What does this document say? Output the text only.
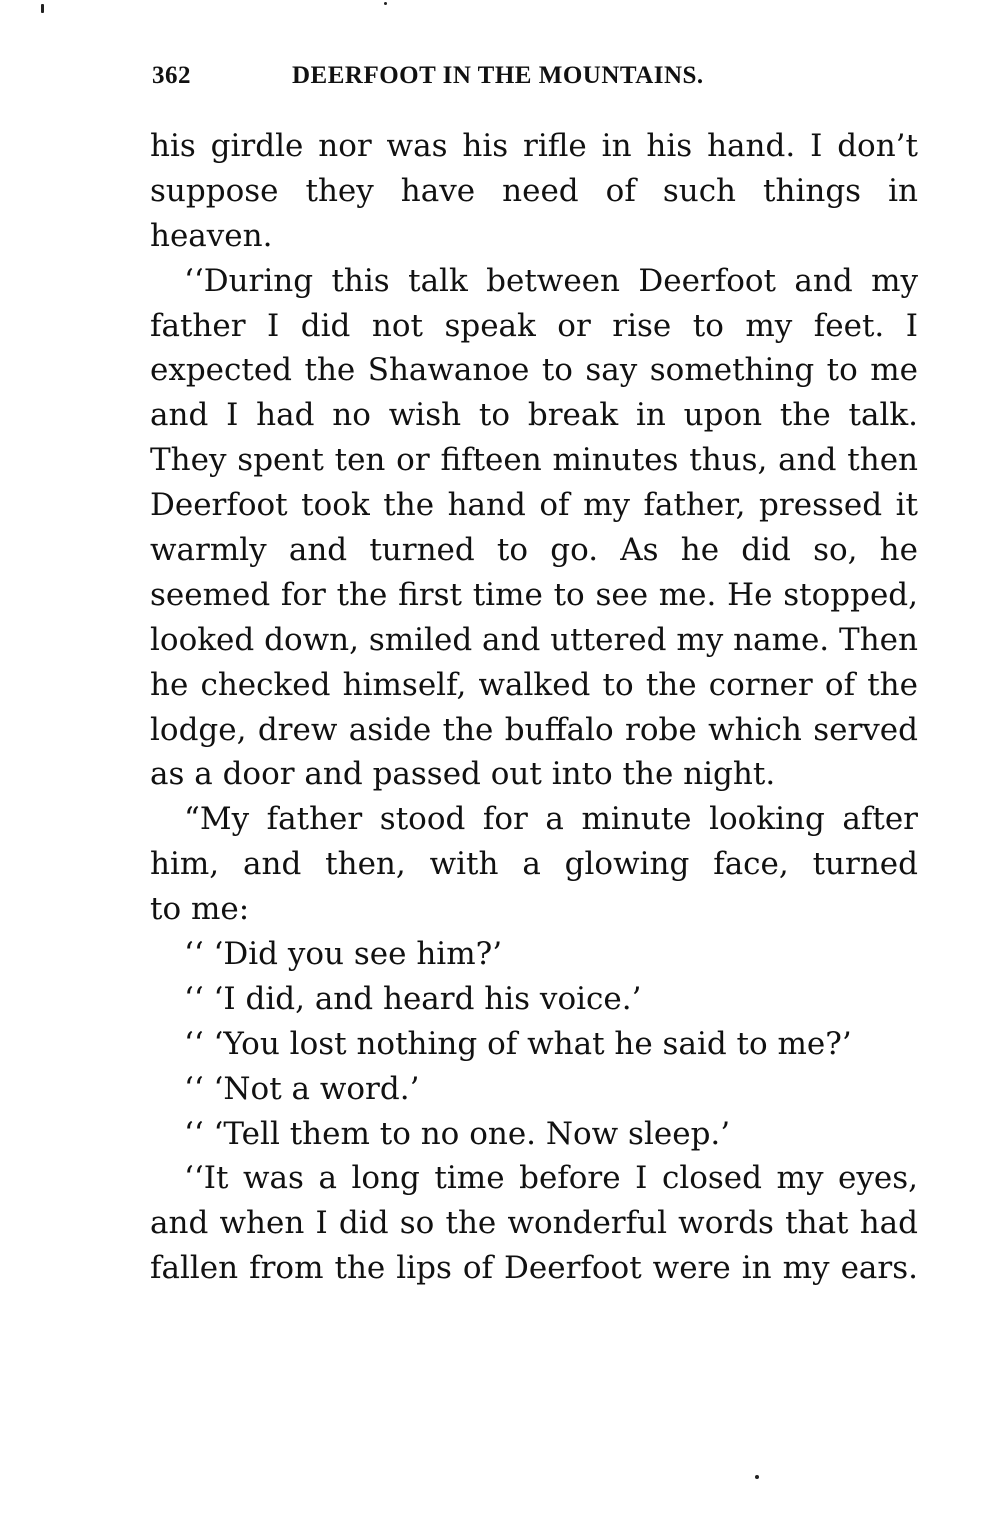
362	DEERFOOT IN THE MOUNTAINS.
his girdle nor was his rifle in his hand. I don’t
suppose they have need of such things in
heaven.
‘‘During this talk between Deerfoot and my
father I did not speak or rise to my feet. I
expected the Shawanoe to say something to me
and I had no wish to break in upon the talk.
They spent ten or fifteen minutes thus, and then
Deerfoot took the hand of my father, pressed it
warmly and turned to go. As he did so, he
seemed for the first time to see me. He stopped,
looked down, smiled and uttered my name. Then
he checked himself, walked to the corner of the
lodge, drew aside the buffalo robe which served
as a door and passed out into the night.
“My father stood for a minute looking after
him, and then, with a glowing face, turned
to me:
‘‘ ‘Did you see him?’
‘‘ ‘I did, and heard his voice.’
‘‘ ‘You lost nothing of what he said to me?’
‘‘ ‘Not a word.’
‘‘ ‘Tell them to no one. Now sleep.’
‘‘It was a long time before I closed my eyes,
and when I did so the wonderful words that had
fallen from the lips of Deerfoot were in my ears.
